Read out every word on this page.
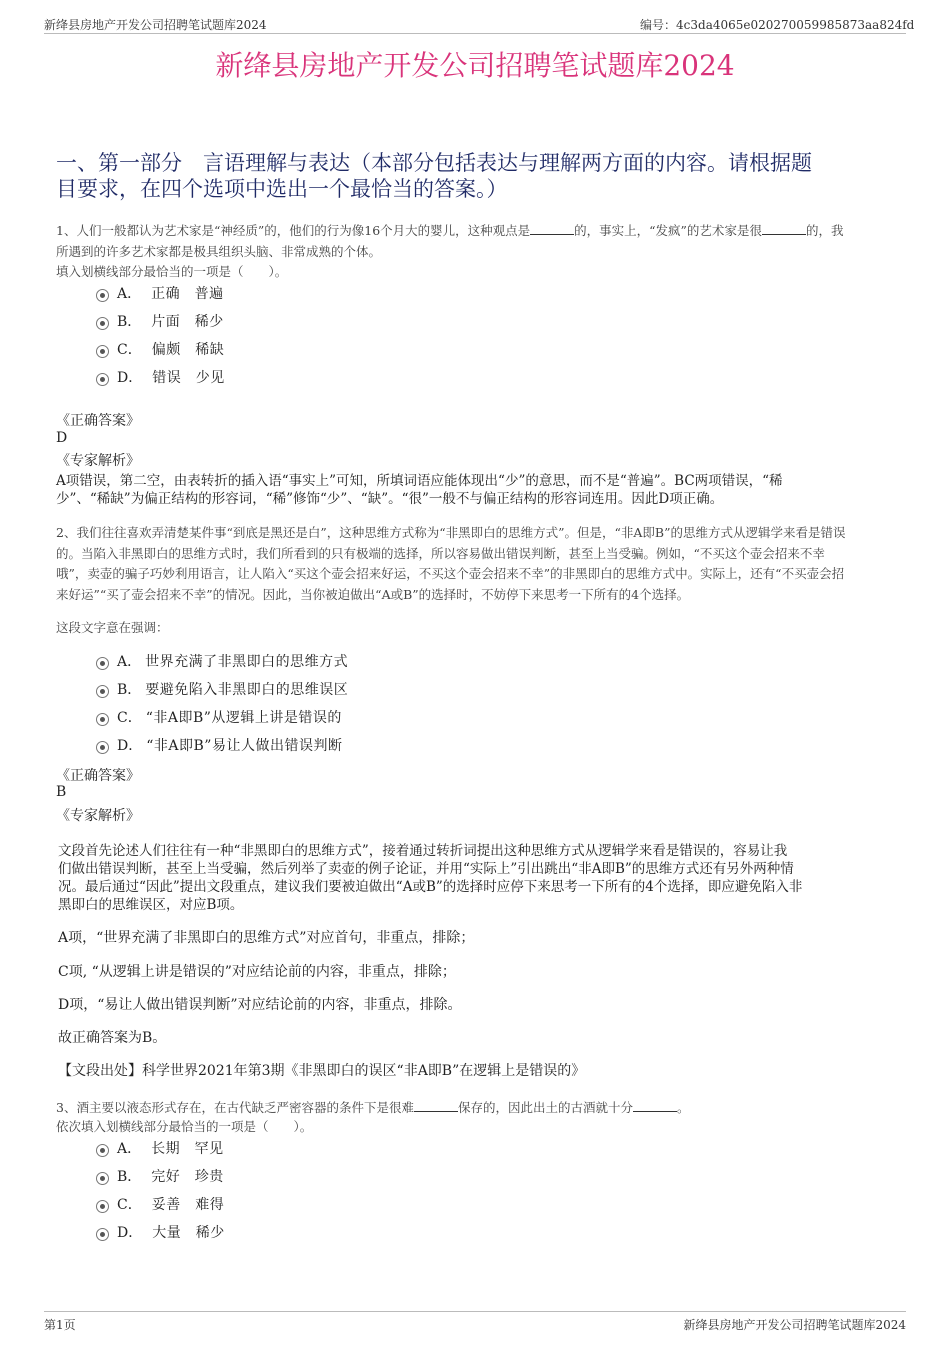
新绛县房地产开发公司招聘笔试题库2024	编号：4c3da4065e020270059985873aa824fd
新绛县房地产开发公司招聘笔试题库2024
一、第一部分　言语理解与表达（本部分包括表达与理解两方面的内容。请根据题
目要求，在四个选项中选出一个最恰当的答案。）
1、人们一般都认为艺术家是“神经质”的，他们的行为像16个月大的婴儿，这种观点是	的，事实上，“发疯”的艺术家是很	的，我
所遇到的许多艺术家都是极具组织头脑、非常成熟的个体。
填入划横线部分最恰当的一项是（　　）。
A． 正确　普遍
B． 片面　稀少
C． 偏颇　稀缺
D． 错误　少见
《正确答案》
D
《专家解析》
A项错误，第二空，由表转折的插入语“事实上”可知，所填词语应能体现出“少”的意思，而不是“普遍”。BC两项错误，“稀
少”、“稀缺”为偏正结构的形容词，“稀”修饰“少”、“缺”。“很”一般不与偏正结构的形容词连用。因此D项正确。
2、我们往往喜欢弄清楚某件事“到底是黑还是白”，这种思维方式称为“非黑即白的思维方式”。但是，“非A即B”的思维方式从逻辑学来看是错误
的。当陷入非黑即白的思维方式时，我们所看到的只有极端的选择，所以容易做出错误判断，甚至上当受骗。例如，“不买这个壶会招来不幸
哦”，卖壶的骗子巧妙利用语言，让人陷入“买这个壶会招来好运，不买这个壶会招来不幸”的非黑即白的思维方式中。实际上，还有“不买壶会招
来好运”“买了壶会招来不幸”的情况。因此，当你被迫做出“A或B”的选择时，不妨停下来思考一下所有的4个选择。
这段文字意在强调：
A． 世界充满了非黑即白的思维方式
B． 要避免陷入非黑即白的思维误区
C． “非A即B”从逻辑上讲是错误的
D． “非A即B”易让人做出错误判断
《正确答案》
B
《专家解析》
文段首先论述人们往往有一种“非黑即白的思维方式”，接着通过转折词提出这种思维方式从逻辑学来看是错误的，容易让我
们做出错误判断，甚至上当受骗，然后列举了卖壶的例子论证，并用“实际上”引出跳出“非A即B”的思维方式还有另外两种情
况。最后通过“因此”提出文段重点，建议我们要被迫做出“A或B”的选择时应停下来思考一下所有的4个选择，即应避免陷入非
黑即白的思维误区，对应B项。
A项，“世界充满了非黑即白的思维方式”对应首句，非重点，排除；
C项, “从逻辑上讲是错误的”对应结论前的内容，非重点，排除；
D项，“易让人做出错误判断”对应结论前的内容，非重点，排除。
故正确答案为B。
【文段出处】科学世界2021年第3期《非黑即白的误区“非A即B”在逻辑上是错误的》
3、酒主要以液态形式存在，在古代缺乏严密容器的条件下是很难	保存的，因此出土的古酒就十分	。
依次填入划横线部分最恰当的一项是（　　）。
A． 长期　罕见
B． 完好　珍贵
C． 妥善　难得
D． 大量　稀少
第1页	新绛县房地产开发公司招聘笔试题库2024
